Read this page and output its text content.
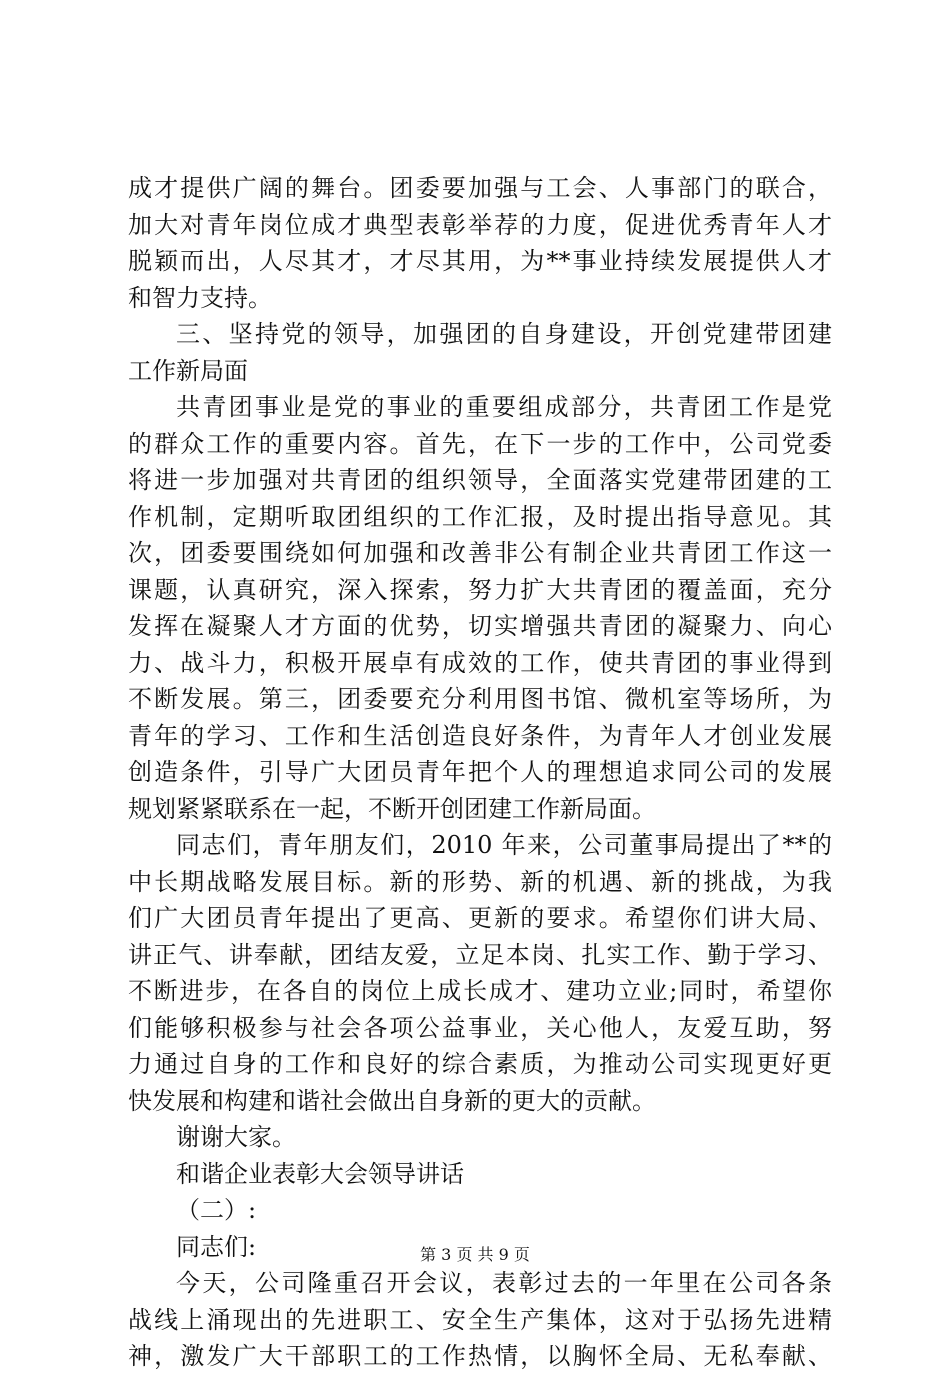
成才提供广阔的舞台。团委要加强与工会、人事部门的联合，
加大对青年岗位成才典型表彰举荐的力度，促进优秀青年人才
脱颖而出，人尽其才，才尽其用，为**事业持续发展提供人才
和智力支持。
三、坚持党的领导，加强团的自身建设，开创党建带团建
工作新局面
共青团事业是党的事业的重要组成部分，共青团工作是党
的群众工作的重要内容。首先，在下一步的工作中，公司党委
将进一步加强对共青团的组织领导，全面落实党建带团建的工
作机制，定期听取团组织的工作汇报，及时提出指导意见。其
次，团委要围绕如何加强和改善非公有制企业共青团工作这一
课题，认真研究，深入探索，努力扩大共青团的覆盖面，充分
发挥在凝聚人才方面的优势，切实增强共青团的凝聚力、向心
力、战斗力，积极开展卓有成效的工作，使共青团的事业得到
不断发展。第三，团委要充分利用图书馆、微机室等场所，为
青年的学习、工作和生活创造良好条件，为青年人才创业发展
创造条件，引导广大团员青年把个人的理想追求同公司的发展
规划紧紧联系在一起，不断开创团建工作新局面。
同志们，青年朋友们，2010 年来，公司董事局提出了**的
中长期战略发展目标。新的形势、新的机遇、新的挑战，为我
们广大团员青年提出了更高、更新的要求。希望你们讲大局、
讲正气、讲奉献，团结友爱，立足本岗、扎实工作、勤于学习、
不断进步，在各自的岗位上成长成才、建功立业;同时，希望你
们能够积极参与社会各项公益事业，关心他人，友爱互助，努
力通过自身的工作和良好的综合素质，为推动公司实现更好更
快发展和构建和谐社会做出自身新的更大的贡献。
谢谢大家。
和谐企业表彰大会领导讲话
（二）:
同志们:
今天，公司隆重召开会议，表彰过去的一年里在公司各条
战线上涌现出的先进职工、安全生产集体，这对于弘扬先进精
神，激发广大干部职工的工作热情，以胸怀全局、无私奉献、
第 3 页 共 9 页
